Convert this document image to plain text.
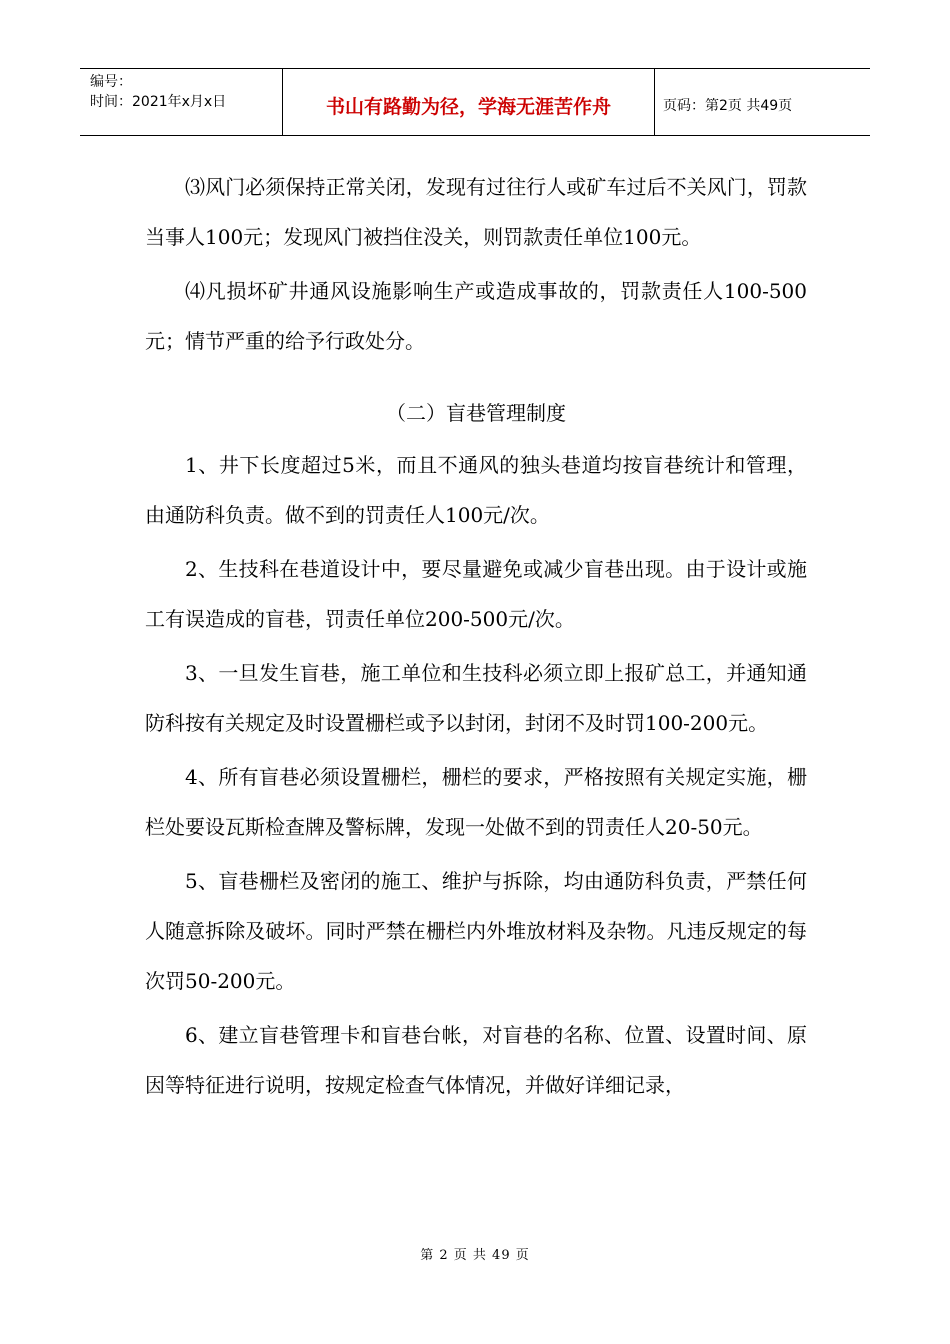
编号：
时间：2021年x月x日	书山有路勤为径，学海无涯苦作舟	页码：第2页 共49页

⑶风门必须保持正常关闭，发现有过往行人或矿车过后不关风门，罚款当事人100元；发现风门被挡住没关，则罚款责任单位100元。

⑷凡损坏矿井通风设施影响生产或造成事故的，罚款责任人100-500元；情节严重的给予行政处分。

（二）盲巷管理制度

1、井下长度超过5米，而且不通风的独头巷道均按盲巷统计和管理，由通防科负责。做不到的罚责任人100元/次。

2、生技科在巷道设计中，要尽量避免或减少盲巷出现。由于设计或施工有误造成的盲巷，罚责任单位200-500元/次。

3、一旦发生盲巷，施工单位和生技科必须立即上报矿总工，并通知通防科按有关规定及时设置栅栏或予以封闭，封闭不及时罚100-200元。

4、所有盲巷必须设置栅栏，栅栏的要求，严格按照有关规定实施，栅栏处要设瓦斯检查牌及警标牌，发现一处做不到的罚责任人20-50元。

5、盲巷栅栏及密闭的施工、维护与拆除，均由通防科负责，严禁任何人随意拆除及破坏。同时严禁在栅栏内外堆放材料及杂物。凡违反规定的每次罚50-200元。

6、建立盲巷管理卡和盲巷台帐，对盲巷的名称、位置、设置时间、原因等特征进行说明，按规定检查气体情况，并做好详细记录，

第 2 页 共 49 页
